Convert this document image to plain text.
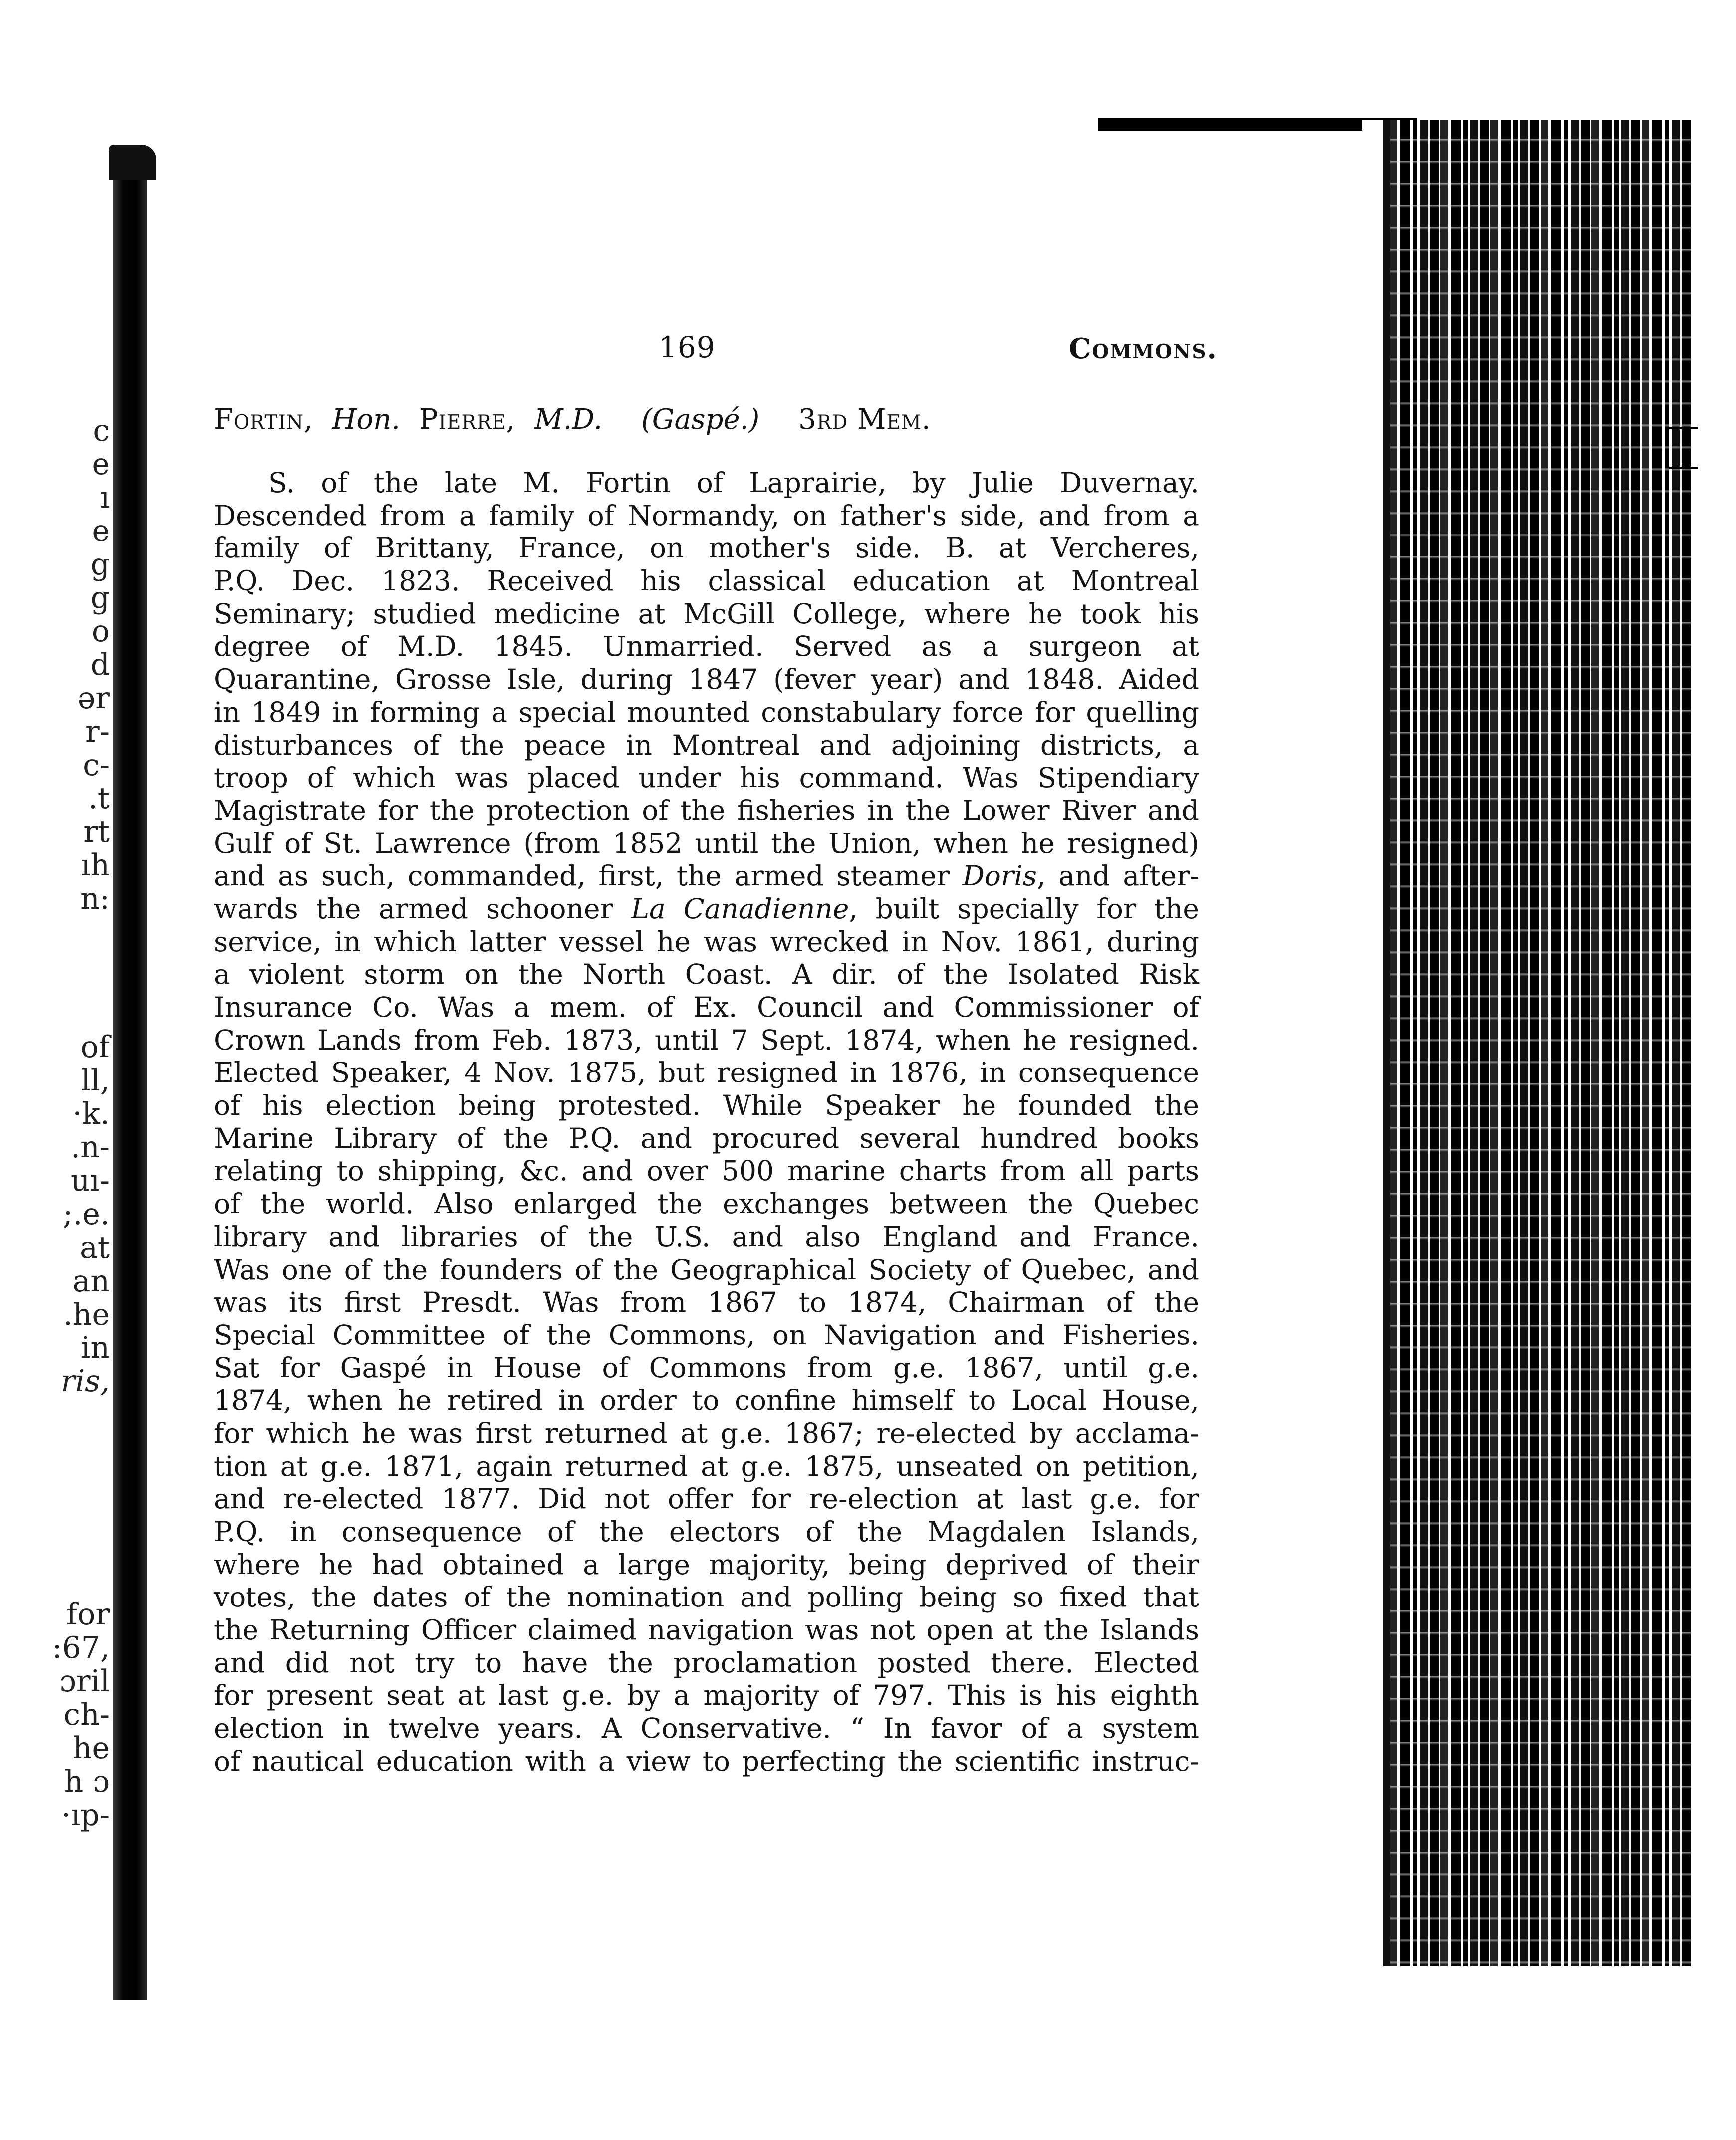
c
e
ı
e
g
g
o
d
ər
r-
c-
.t
rt
ıh
n:
of
ll,
·k.
.n-
uı-
;.e.
at
an
.he
in
ris,
for
:67,
ɔril
ch-
he
h ɔ
·ıp-
169	Commons.
Fortin, Hon. Pierre, M.D. (Gaspé.) 3rd Mem.
S. of the late M. Fortin of Laprairie, by Julie Duvernay.
Descended from a family of Normandy, on father's side, and from a
family of Brittany, France, on mother's side. B. at Vercheres,
P.Q. Dec. 1823. Received his classical education at Montreal
Seminary; studied medicine at McGill College, where he took his
degree of M.D. 1845. Unmarried. Served as a surgeon at
Quarantine, Grosse Isle, during 1847 (fever year) and 1848. Aided
in 1849 in forming a special mounted constabulary force for quelling
disturbances of the peace in Montreal and adjoining districts, a
troop of which was placed under his command. Was Stipendiary
Magistrate for the protection of the fisheries in the Lower River and
Gulf of St. Lawrence (from 1852 until the Union, when he resigned)
and as such, commanded, first, the armed steamer Doris, and after-
wards the armed schooner La Canadienne, built specially for the
service, in which latter vessel he was wrecked in Nov. 1861, during
a violent storm on the North Coast. A dir. of the Isolated Risk
Insurance Co. Was a mem. of Ex. Council and Commissioner of
Crown Lands from Feb. 1873, until 7 Sept. 1874, when he resigned.
Elected Speaker, 4 Nov. 1875, but resigned in 1876, in consequence
of his election being protested. While Speaker he founded the
Marine Library of the P.Q. and procured several hundred books
relating to shipping, &c. and over 500 marine charts from all parts
of the world. Also enlarged the exchanges between the Quebec
library and libraries of the U.S. and also England and France.
Was one of the founders of the Geographical Society of Quebec, and
was its first Presdt. Was from 1867 to 1874, Chairman of the
Special Committee of the Commons, on Navigation and Fisheries.
Sat for Gaspé in House of Commons from g.e. 1867, until g.e.
1874, when he retired in order to confine himself to Local House,
for which he was first returned at g.e. 1867; re-elected by acclama-
tion at g.e. 1871, again returned at g.e. 1875, unseated on petition,
and re-elected 1877. Did not offer for re-election at last g.e. for
P.Q. in consequence of the electors of the Magdalen Islands,
where he had obtained a large majority, being deprived of their
votes, the dates of the nomination and polling being so fixed that
the Returning Officer claimed navigation was not open at the Islands
and did not try to have the proclamation posted there. Elected
for present seat at last g.e. by a majority of 797. This is his eighth
election in twelve years. A Conservative. “ In favor of a system
of nautical education with a view to perfecting the scientific instruc-
